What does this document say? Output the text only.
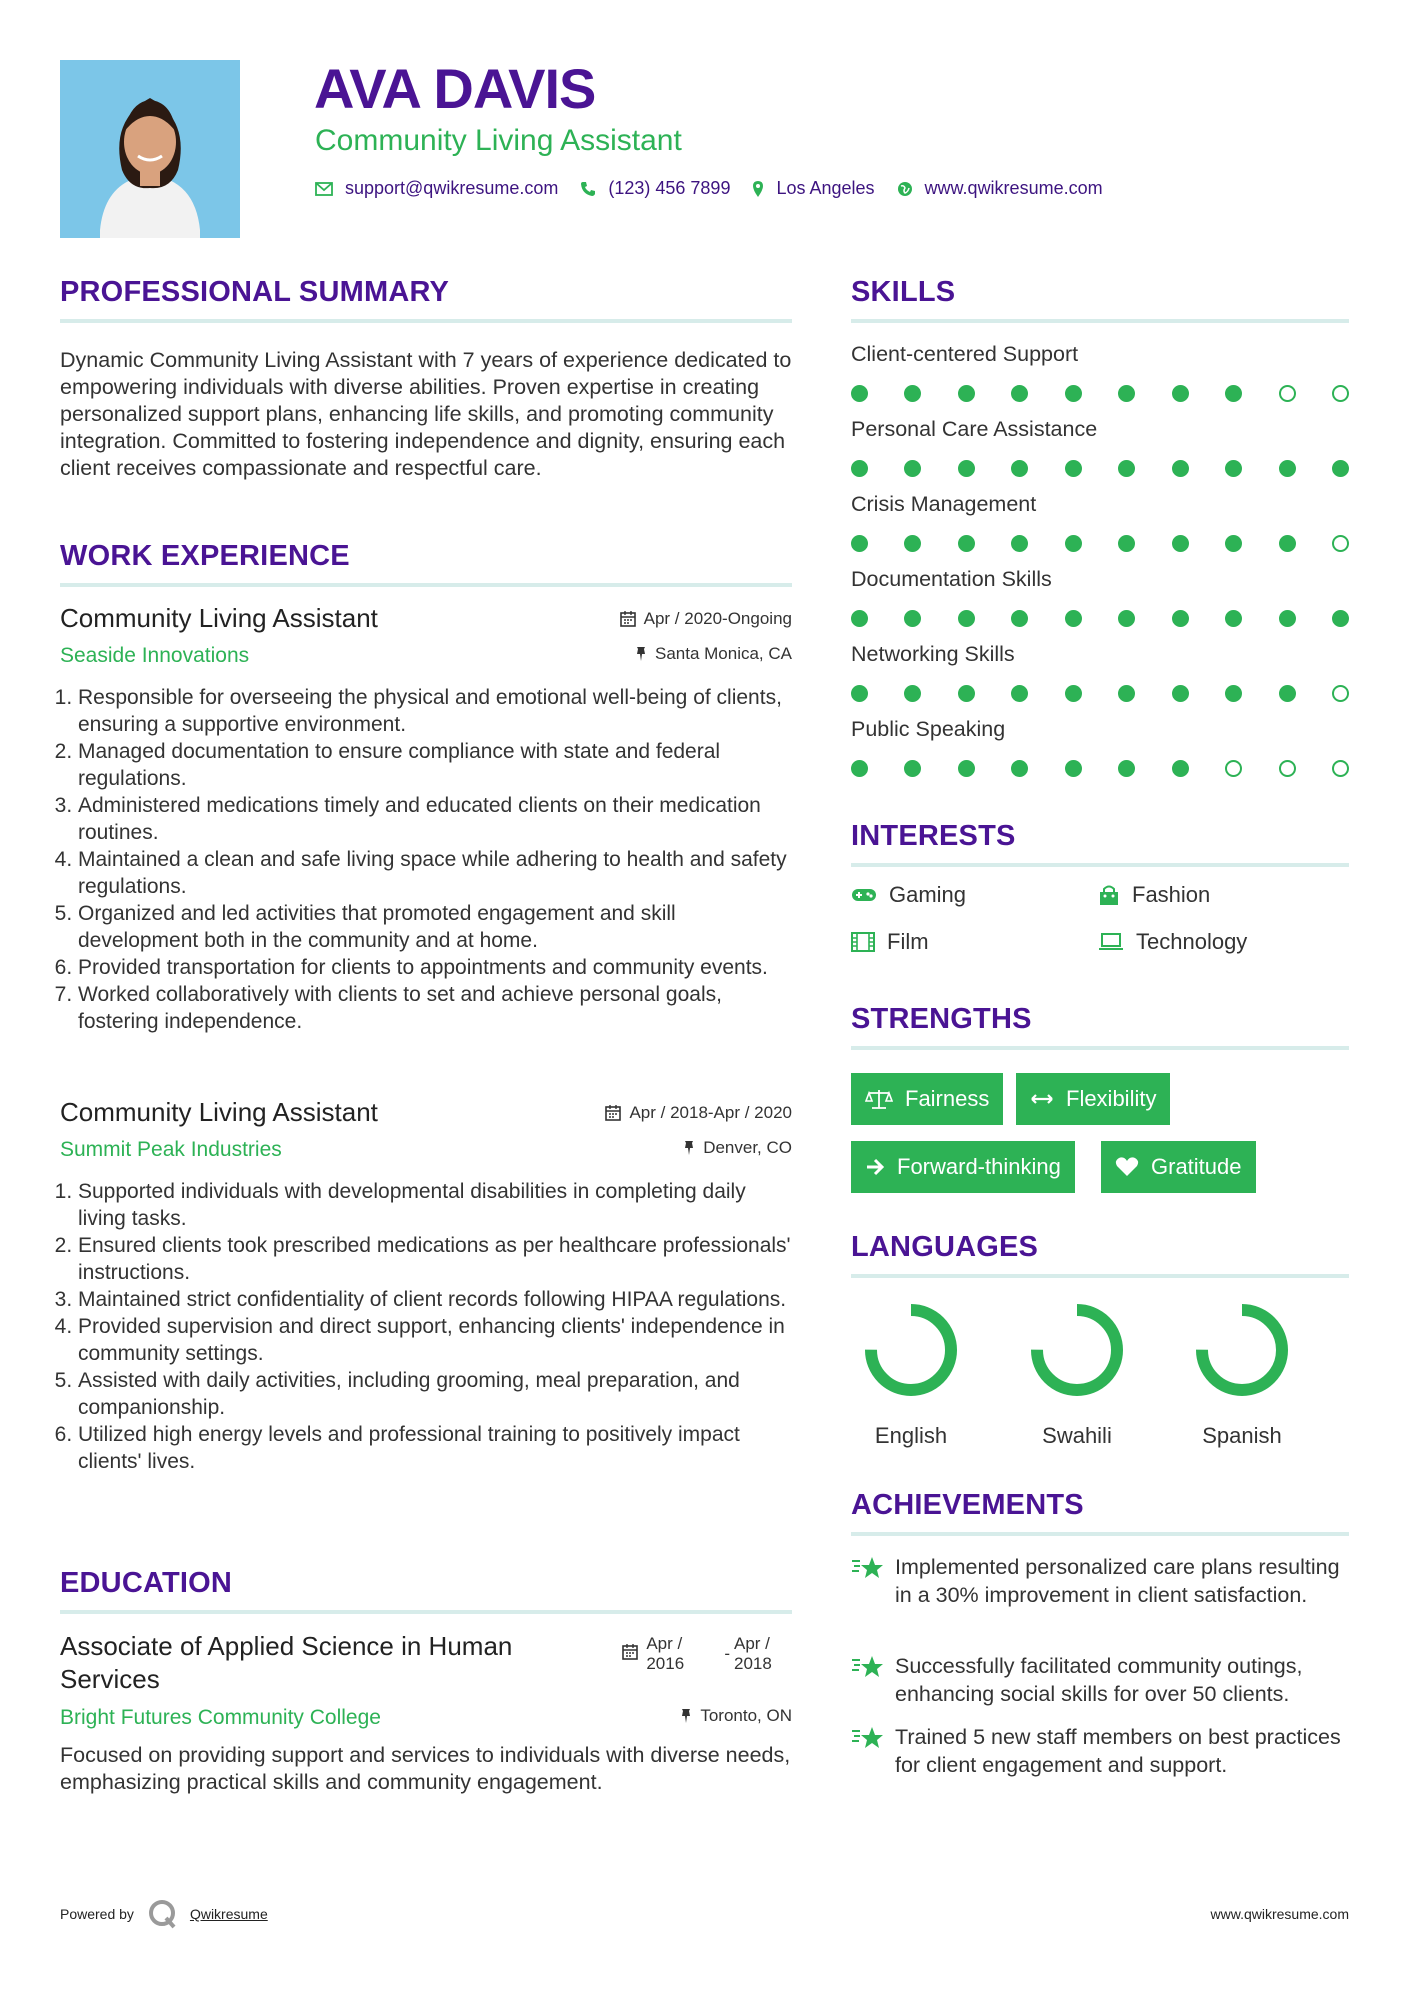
AVA DAVIS
Community Living Assistant
support@qwikresume.com	(123) 456 7899	Los Angeles	www.qwikresume.com
PROFESSIONAL SUMMARY

Dynamic Community Living Assistant with 7 years of experience dedicated to empowering individuals with diverse abilities. Proven expertise in creating personalized support plans, enhancing life skills, and promoting community integration. Committed to fostering independence and dignity, ensuring each client receives compassionate and respectful care.

WORK EXPERIENCE
Community Living Assistant	Apr / 2020-Ongoing
Seaside Innovations	Santa Monica, CA
1. Responsible for overseeing the physical and emotional well-being of clients, ensuring a supportive environment.
2. Managed documentation to ensure compliance with state and federal regulations.
3. Administered medications timely and educated clients on their medication routines.
4. Maintained a clean and safe living space while adhering to health and safety regulations.
5. Organized and led activities that promoted engagement and skill development both in the community and at home.
6. Provided transportation for clients to appointments and community events.
7. Worked collaboratively with clients to set and achieve personal goals, fostering independence.
Community Living Assistant	Apr / 2018-Apr / 2020
Summit Peak Industries	Denver, CO
1. Supported individuals with developmental disabilities in completing daily living tasks.
2. Ensured clients took prescribed medications as per healthcare professionals' instructions.
3. Maintained strict confidentiality of client records following HIPAA regulations.
4. Provided supervision and direct support, enhancing clients' independence in community settings.
5. Assisted with daily activities, including grooming, meal preparation, and companionship.
6. Utilized high energy levels and professional training to positively impact clients' lives.
EDUCATION
Associate of Applied Science in Human Services
Apr / 2016
-
Apr / 2018
Bright Futures Community College	Toronto, ON

Focused on providing support and services to individuals with diverse needs, emphasizing practical skills and community engagement.

SKILLS
Client-centered Support
Personal Care Assistance
Crisis Management
Documentation Skills
Networking Skills
Public Speaking
INTERESTS
Gaming	Fashion
Film	Technology
STRENGTHS
Fairness	Flexibility
Forward-thinking	Gratitude
LANGUAGES
English	Swahili	Spanish
ACHIEVEMENTS
Implemented personalized care plans resulting in a 30% improvement in client satisfaction.
Successfully facilitated community outings, enhancing social skills for over 50 clients.
Trained 5 new staff members on best practices for client engagement and support.
Powered by	Qwikresume	www.qwikresume.com
